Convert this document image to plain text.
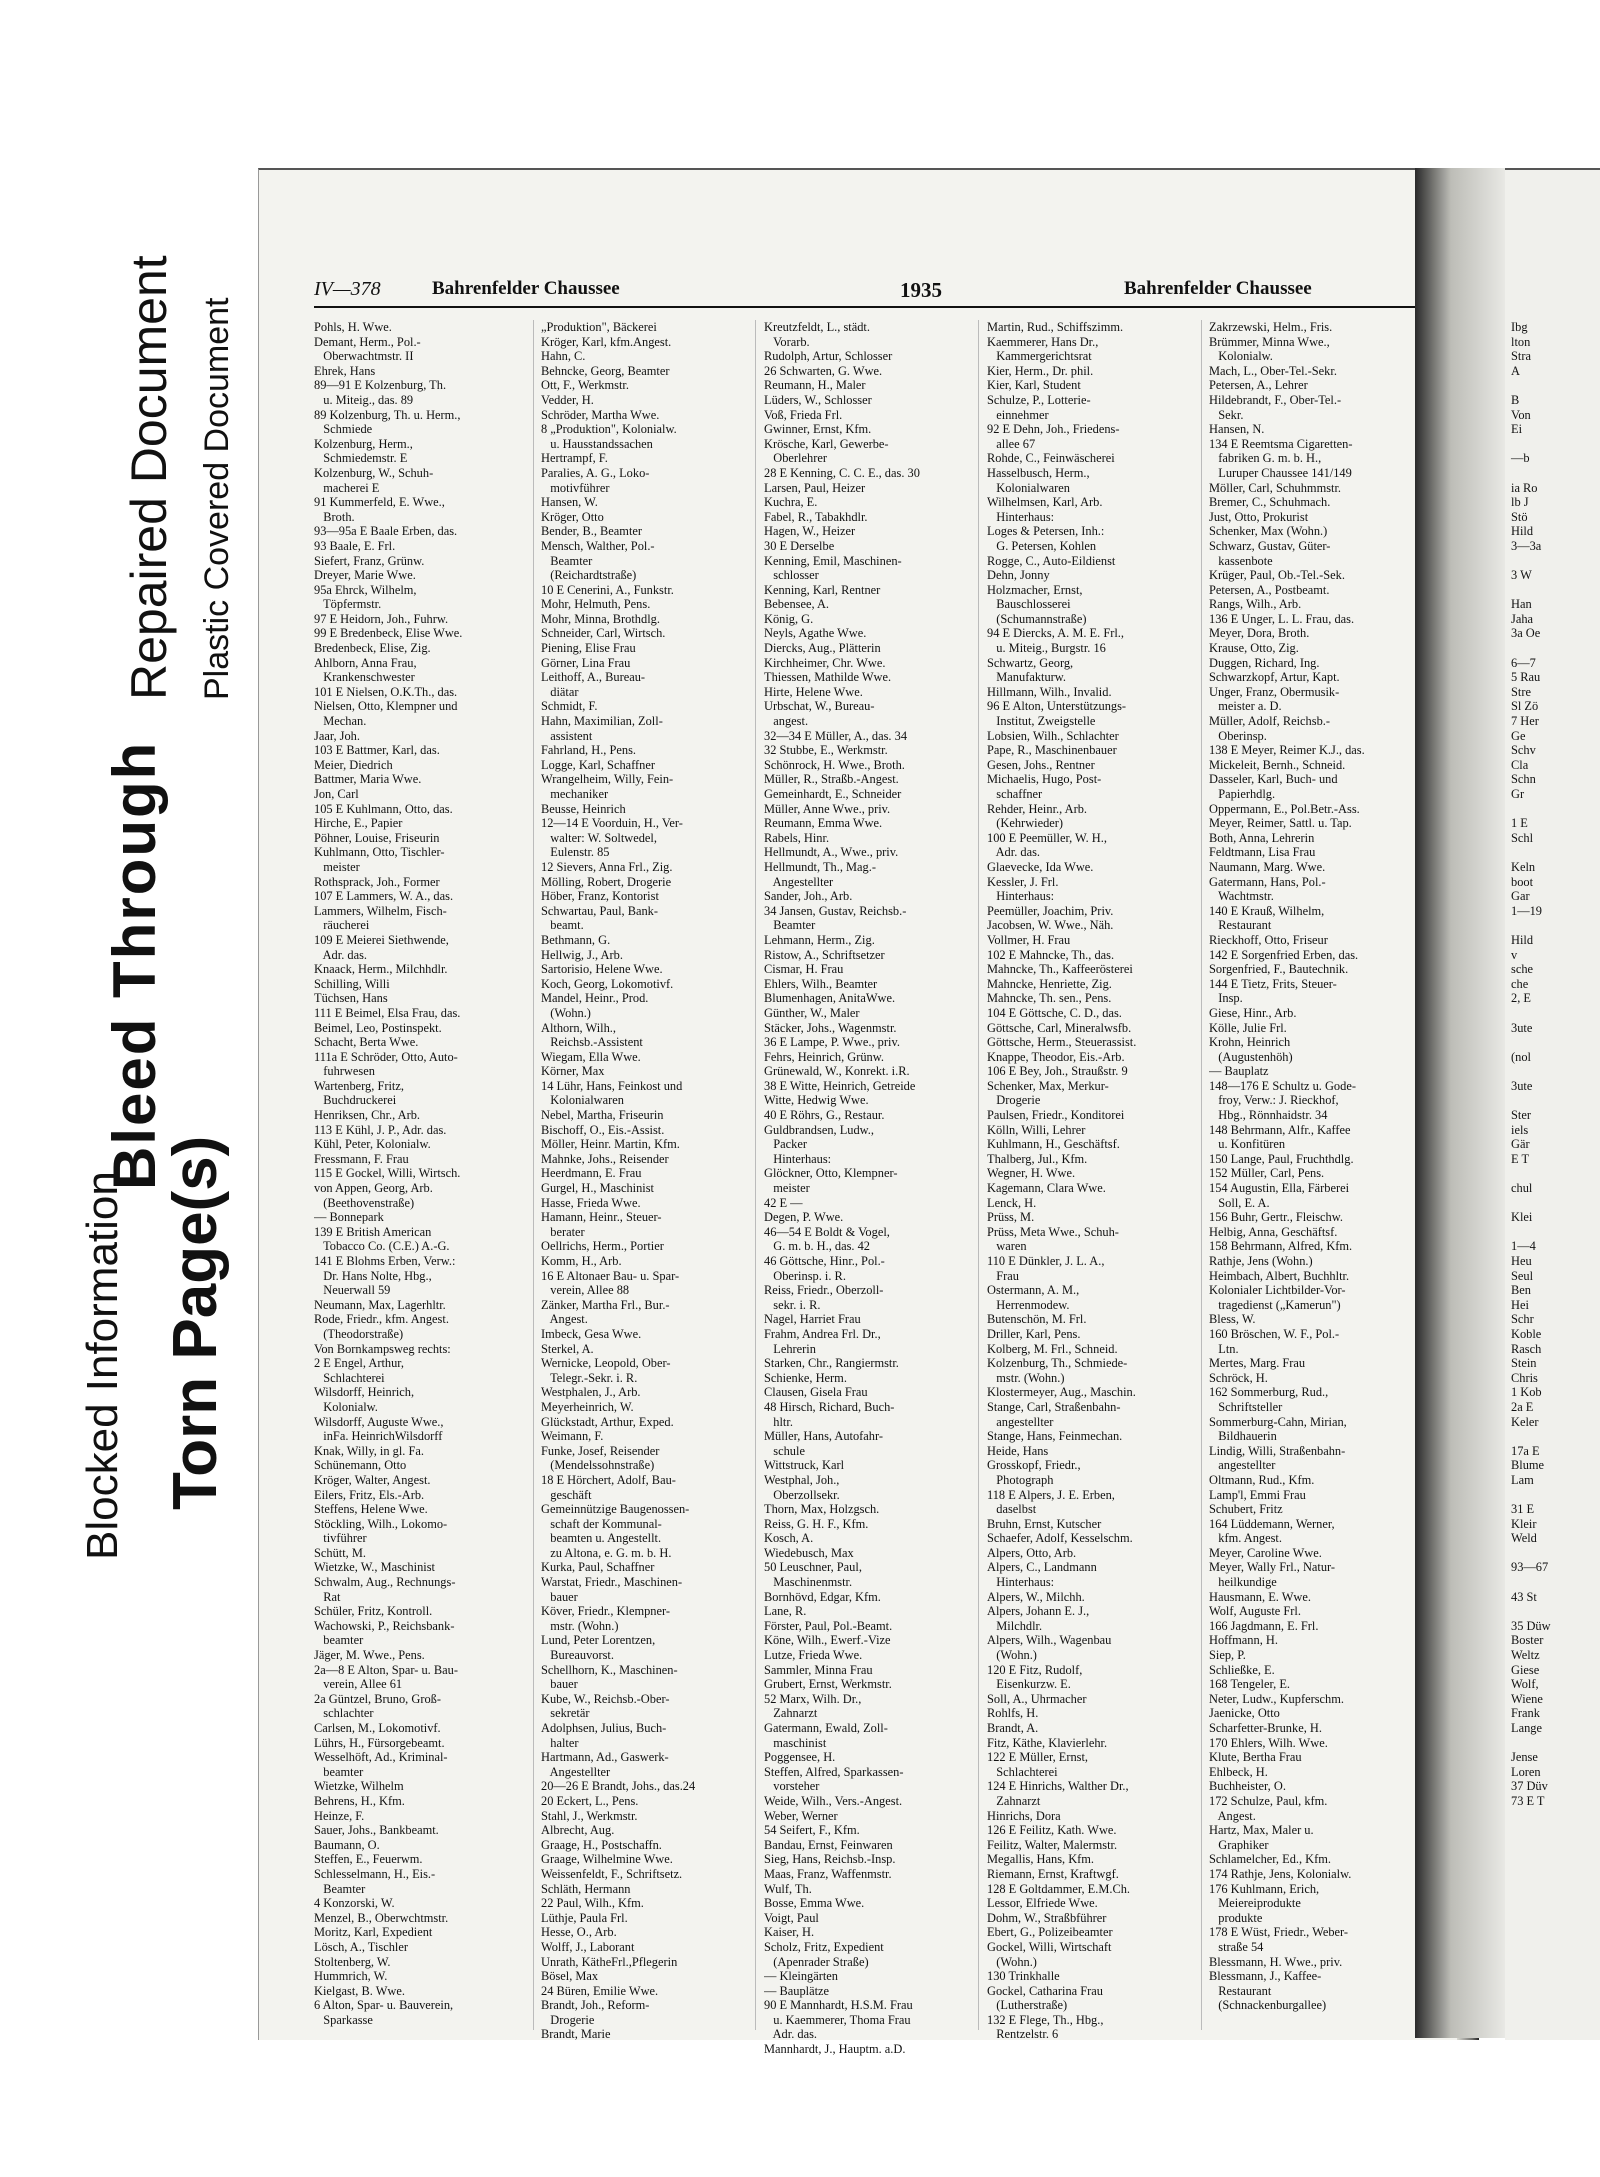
Blocked Information Torn Page(s)
Bleed Through
Repaired Document Plastic Covered Document
IV—378	Bahrenfelder Chaussee	1935	Bahrenfelder Chaussee
Pohls, H. Wwe.
Demant, Herm., Pol.-
Oberwachtmstr. II
Ehrek, Hans
89—91 E Kolzenburg, Th.
u. Miteig., das. 89
89 Kolzenburg, Th. u. Herm.,
Schmiede
Kolzenburg, Herm.,
Schmiedemstr. E
Kolzenburg, W., Schuh-
macherei E
91 Kummerfeld, E. Wwe.,
Broth.
93—95a E Baale Erben, das.
93 Baale, E. Frl.
Siefert, Franz, Grünw.
Dreyer, Marie Wwe.
95a Ehrck, Wilhelm,
Töpfermstr.
97 E Heidorn, Joh., Fuhrw.
99 E Bredenbeck, Elise Wwe.
Bredenbeck, Elise, Zig.
Ahlborn, Anna Frau,
Krankenschwester
101 E Nielsen, O.K.Th., das.
Nielsen, Otto, Klempner und
Mechan.
Jaar, Joh.
103 E Battmer, Karl, das.
Meier, Diedrich
Battmer, Maria Wwe.
Jon, Carl
105 E Kuhlmann, Otto, das.
Hirche, E., Papier
Pöhner, Louise, Friseurin
Kuhlmann, Otto, Tischler-
meister
Rothsprack, Joh., Former
107 E Lammers, W. A., das.
Lammers, Wilhelm, Fisch-
räucherei
109 E Meierei Siethwende,
Adr. das.
Knaack, Herm., Milchhdlr.
Schilling, Willi
Tüchsen, Hans
111 E Beimel, Elsa Frau, das.
Beimel, Leo, Postinspekt.
Schacht, Berta Wwe.
111a E Schröder, Otto, Auto-
fuhrwesen
Wartenberg, Fritz,
Buchdruckerei
Henriksen, Chr., Arb.
113 E Kühl, J. P., Adr. das.
Kühl, Peter, Kolonialw.
Fressmann, F. Frau
115 E Gockel, Willi, Wirtsch.
von Appen, Georg, Arb.
(Beethovenstraße)
— Bonnepark
139 E British American
Tobacco Co. (C.E.) A.-G.
141 E Blohms Erben, Verw.:
Dr. Hans Nolte, Hbg.,
Neuerwall 59
Neumann, Max, Lagerhltr.
Rode, Friedr., kfm. Angest.
(Theodorstraße)
Von Bornkampsweg rechts:
2 E Engel, Arthur,
Schlachterei
Wilsdorff, Heinrich,
Kolonialw.
Wilsdorff, Auguste Wwe.,
inFa. HeinrichWilsdorff
Knak, Willy, in gl. Fa.
Schünemann, Otto
Kröger, Walter, Angest.
Eilers, Fritz, Els.-Arb.
Steffens, Helene Wwe.
Stöckling, Wilh., Lokomo-
tivführer
Schütt, M.
Wietzke, W., Maschinist
Schwalm, Aug., Rechnungs-
Rat
Schüler, Fritz, Kontroll.
Wachowski, P., Reichsbank-
beamter
Jäger, M. Wwe., Pens.
2a—8 E Alton, Spar- u. Bau-
verein, Allee 61
2a Güntzel, Bruno, Groß-
schlachter
Carlsen, M., Lokomotivf.
Lührs, H., Fürsorgebeamt.
Wesselhöft, Ad., Kriminal-
beamter
Wietzke, Wilhelm
Behrens, H., Kfm.
Heinze, F.
Sauer, Johs., Bankbeamt.
Baumann, O.
Steffen, E., Feuerwm.
Schlesselmann, H., Eis.-
Beamter
4 Konzorski, W.
Menzel, B., Oberwchtmstr.
Moritz, Karl, Expedient
Lösch, A., Tischler
Stoltenberg, W.
Hummrich, W.
Kielgast, B. Wwe.
6 Alton, Spar- u. Bauverein,
Sparkasse
„Produktion", Bäckerei
Kröger, Karl, kfm.Angest.
Hahn, C.
Behncke, Georg, Beamter
Ott, F., Werkmstr.
Vedder, H.
Schröder, Martha Wwe.
8 „Produktion", Kolonialw.
u. Hausstandssachen
Hertrampf, F.
Paralies, A. G., Loko-
motivführer
Hansen, W.
Kröger, Otto
Bender, B., Beamter
Mensch, Walther, Pol.-
Beamter
(Reichardtstraße)
10 E Cenerini, A., Funkstr.
Mohr, Helmuth, Pens.
Mohr, Minna, Brothdlg.
Schneider, Carl, Wirtsch.
Piening, Elise Frau
Görner, Lina Frau
Leithoff, A., Bureau-
diätar
Schmidt, F.
Hahn, Maximilian, Zoll-
assistent
Fahrland, H., Pens.
Logge, Karl, Schaffner
Wrangelheim, Willy, Fein-
mechaniker
Beusse, Heinrich
12—14 E Voorduin, H., Ver-
walter: W. Soltwedel,
Eulenstr. 85
12 Sievers, Anna Frl., Zig.
Mölling, Robert, Drogerie
Höber, Franz, Kontorist
Schwartau, Paul, Bank-
beamt.
Bethmann, G.
Hellwig, J., Arb.
Sartorisio, Helene Wwe.
Koch, Georg, Lokomotivf.
Mandel, Heinr., Prod.
(Wohn.)
Althorn, Wilh.,
Reichsb.-Assistent
Wiegam, Ella Wwe.
Körner, Max
14 Lühr, Hans, Feinkost und
Kolonialwaren
Nebel, Martha, Friseurin
Bischoff, O., Eis.-Assist.
Möller, Heinr. Martin, Kfm.
Mahnke, Johs., Reisender
Heerdmann, E. Frau
Gurgel, H., Maschinist
Hasse, Frieda Wwe.
Hamann, Heinr., Steuer-
berater
Oellrichs, Herm., Portier
Komm, H., Arb.
16 E Altonaer Bau- u. Spar-
verein, Allee 88
Zänker, Martha Frl., Bur.-
Angest.
Imbeck, Gesa Wwe.
Sterkel, A.
Wernicke, Leopold, Ober-
Telegr.-Sekr. i. R.
Westphalen, J., Arb.
Meyerheinrich, W.
Glückstadt, Arthur, Exped.
Weimann, F.
Funke, Josef, Reisender
(Mendelssohnstraße)
18 E Hörchert, Adolf, Bau-
geschäft
Gemeinnützige Baugenossen-
schaft der Kommunal-
beamten u. Angestellt.
zu Altona, e. G. m. b. H.
Kurka, Paul, Schaffner
Warstat, Friedr., Maschinen-
bauer
Köver, Friedr., Klempner-
mstr. (Wohn.)
Lund, Peter Lorentzen,
Bureauvorst.
Schellhorn, K., Maschinen-
bauer
Kube, W., Reichsb.-Ober-
sekretär
Adolphsen, Julius, Buch-
halter
Hartmann, Ad., Gaswerk-
Angestellter
20—26 E Brandt, Johs., das.24
20 Eckert, L., Pens.
Stahl, J., Werkmstr.
Albrecht, Aug.
Graage, H., Postschaffn.
Graage, Wilhelmine Wwe.
Weissenfeldt, F., Schriftsetz.
Schläth, Hermann
22 Paul, Wilh., Kfm.
Lüthje, Paula Frl.
Hesse, O., Arb.
Wolff, J., Laborant
Unrath, KätheFrl.,Pflegerin
Bösel, Max
24 Büren, Emilie Wwe.
Brandt, Joh., Reform-
Drogerie
Brandt, Marie
Kreutzfeldt, L., städt.
Vorarb.
Rudolph, Artur, Schlosser
26 Schwarten, G. Wwe.
Reumann, H., Maler
Lüders, W., Schlosser
Voß, Frieda Frl.
Gwinner, Ernst, Kfm.
Krösche, Karl, Gewerbe-
Oberlehrer
28 E Kenning, C. C. E., das. 30
Larsen, Paul, Heizer
Kuchra, E.
Fabel, R., Tabakhdlr.
Hagen, W., Heizer
30 E Derselbe
Kenning, Emil, Maschinen-
schlosser
Kenning, Karl, Rentner
Bebensee, A.
König, G.
Neyls, Agathe Wwe.
Diercks, Aug., Plätterin
Kirchheimer, Chr. Wwe.
Thiessen, Mathilde Wwe.
Hirte, Helene Wwe.
Urbschat, W., Bureau-
angest.
32—34 E Müller, A., das. 34
32 Stubbe, E., Werkmstr.
Schönrock, H. Wwe., Broth.
Müller, R., Straßb.-Angest.
Gemeinhardt, E., Schneider
Müller, Anne Wwe., priv.
Reumann, Emma Wwe.
Rabels, Hinr.
Hellmundt, A., Wwe., priv.
Hellmundt, Th., Mag.-
Angestellter
Sander, Joh., Arb.
34 Jansen, Gustav, Reichsb.-
Beamter
Lehmann, Herm., Zig.
Ristow, A., Schriftsetzer
Cismar, H. Frau
Ehlers, Wilh., Beamter
Blumenhagen, AnitaWwe.
Günther, W., Maler
Stäcker, Johs., Wagenmstr.
36 E Lampe, P. Wwe., priv.
Fehrs, Heinrich, Grünw.
Grünewald, W., Konrekt. i.R.
38 E Witte, Heinrich, Getreide
Witte, Hedwig Wwe.
40 E Röhrs, G., Restaur.
Guldbrandsen, Ludw.,
Packer
Hinterhaus:
Glöckner, Otto, Klempner-
meister
42 E —
Degen, P. Wwe.
46—54 E Boldt & Vogel,
G. m. b. H., das. 42
46 Göttsche, Hinr., Pol.-
Oberinsp. i. R.
Reiss, Friedr., Oberzoll-
sekr. i. R.
Nagel, Harriet Frau
Frahm, Andrea Frl. Dr.,
Lehrerin
Starken, Chr., Rangiermstr.
Schienke, Herm.
Clausen, Gisela Frau
48 Hirsch, Richard, Buch-
hltr.
Müller, Hans, Autofahr-
schule
Wittstruck, Karl
Westphal, Joh.,
Oberzollsekr.
Thorn, Max, Holzgsch.
Reiss, G. H. F., Kfm.
Kosch, A.
Wiedebusch, Max
50 Leuschner, Paul,
Maschinenmstr.
Bornhövd, Edgar, Kfm.
Lane, R.
Förster, Paul, Pol.-Beamt.
Köne, Wilh., Ewerf.-Vize
Lutze, Frieda Wwe.
Sammler, Minna Frau
Grubert, Ernst, Werkmstr.
52 Marx, Wilh. Dr.,
Zahnarzt
Gatermann, Ewald, Zoll-
maschinist
Poggensee, H.
Steffen, Alfred, Sparkassen-
vorsteher
Weide, Wilh., Vers.-Angest.
Weber, Werner
54 Seifert, F., Kfm.
Bandau, Ernst, Feinwaren
Sieg, Hans, Reichsb.-Insp.
Maas, Franz, Waffenmstr.
Wulf, Th.
Bosse, Emma Wwe.
Voigt, Paul
Kaiser, H.
Scholz, Fritz, Expedient
(Apenrader Straße)
— Kleingärten
— Bauplätze
90 E Mannhardt, H.S.M. Frau
u. Kaemmerer, Thoma Frau
Adr. das.
Mannhardt, J., Hauptm. a.D.
Martin, Rud., Schiffszimm.
Kaemmerer, Hans Dr.,
Kammergerichtsrat
Kier, Herm., Dr. phil.
Kier, Karl, Student
Schulze, P., Lotterie-
einnehmer
92 E Dehn, Joh., Friedens-
allee 67
Rohde, C., Feinwäscherei
Hasselbusch, Herm.,
Kolonialwaren
Wilhelmsen, Karl, Arb.
Hinterhaus:
Loges & Petersen, Inh.:
G. Petersen, Kohlen
Rogge, C., Auto-Eildienst
Dehn, Jonny
Holzmacher, Ernst,
Bauschlosserei
(Schumannstraße)
94 E Diercks, A. M. E. Frl.,
u. Miteig., Burgstr. 16
Schwartz, Georg,
Manufakturw.
Hillmann, Wilh., Invalid.
96 E Alton, Unterstützungs-
Institut, Zweigstelle
Lobsien, Wilh., Schlachter
Pape, R., Maschinenbauer
Gesen, Johs., Rentner
Michaelis, Hugo, Post-
schaffner
Rehder, Heinr., Arb.
(Kehrwieder)
100 E Peemüller, W. H.,
Adr. das.
Glaevecke, Ida Wwe.
Kessler, J. Frl.
Hinterhaus:
Peemüller, Joachim, Priv.
Jacobsen, W. Wwe., Näh.
Vollmer, H. Frau
102 E Mahncke, Th., das.
Mahncke, Th., Kaffeerösterei
Mahncke, Henriette, Zig.
Mahncke, Th. sen., Pens.
104 E Göttsche, C. D., das.
Göttsche, Carl, Mineralwsfb.
Göttsche, Herm., Steuerassist.
Knappe, Theodor, Eis.-Arb.
106 E Bey, Joh., Straußstr. 9
Schenker, Max, Merkur-
Drogerie
Paulsen, Friedr., Konditorei
Kölln, Willi, Lehrer
Kuhlmann, H., Geschäftsf.
Thalberg, Jul., Kfm.
Wegner, H. Wwe.
Kagemann, Clara Wwe.
Lenck, H.
Prüss, M.
Prüss, Meta Wwe., Schuh-
waren
110 E Dünkler, J. L. A.,
Frau
Ostermann, A. M.,
Herrenmodew.
Butenschön, M. Frl.
Driller, Karl, Pens.
Kolberg, M. Frl., Schneid.
Kolzenburg, Th., Schmiede-
mstr. (Wohn.)
Klostermeyer, Aug., Maschin.
Stange, Carl, Straßenbahn-
angestellter
Stange, Hans, Feinmechan.
Heide, Hans
Grosskopf, Friedr.,
Photograph
118 E Alpers, J. E. Erben,
daselbst
Bruhn, Ernst, Kutscher
Schaefer, Adolf, Kesselschm.
Alpers, Otto, Arb.
Alpers, C., Landmann
Hinterhaus:
Alpers, W., Milchh.
Alpers, Johann E. J.,
Milchdlr.
Alpers, Wilh., Wagenbau
(Wohn.)
120 E Fitz, Rudolf,
Eisenkurzw. E.
Soll, A., Uhrmacher
Rohlfs, H.
Brandt, A.
Fitz, Käthe, Klavierlehr.
122 E Müller, Ernst,
Schlachterei
124 E Hinrichs, Walther Dr.,
Zahnarzt
Hinrichs, Dora
126 E Feilitz, Kath. Wwe.
Feilitz, Walter, Malermstr.
Megallis, Hans, Kfm.
Riemann, Ernst, Kraftwgf.
128 E Goltdammer, E.M.Ch.
Lessor, Elfriede Wwe.
Dohm, W., Straßbführer
Ebert, G., Polizeibeamter
Gockel, Willi, Wirtschaft
(Wohn.)
130 Trinkhalle
Gockel, Catharina Frau
(Lutherstraße)
132 E Flege, Th., Hbg.,
Rentzelstr. 6
Zakrzewski, Helm., Fris.
Brümmer, Minna Wwe.,
Kolonialw.
Mach, L., Ober-Tel.-Sekr.
Petersen, A., Lehrer
Hildebrandt, F., Ober-Tel.-
Sekr.
Hansen, N.
134 E Reemtsma Cigaretten-
fabriken G. m. b. H.,
Luruper Chaussee 141/149
Möller, Carl, Schuhmmstr.
Bremer, C., Schuhmach.
Just, Otto, Prokurist
Schenker, Max (Wohn.)
Schwarz, Gustav, Güter-
kassenbote
Krüger, Paul, Ob.-Tel.-Sek.
Petersen, A., Postbeamt.
Rangs, Wilh., Arb.
136 E Unger, L. L. Frau, das.
Meyer, Dora, Broth.
Krause, Otto, Zig.
Duggen, Richard, Ing.
Schwarzkopf, Artur, Kapt.
Unger, Franz, Obermusik-
meister a. D.
Müller, Adolf, Reichsb.-
Oberinsp.
138 E Meyer, Reimer K.J., das.
Mickeleit, Bernh., Schneid.
Dasseler, Karl, Buch- und
Papierhdlg.
Oppermann, E., Pol.Betr.-Ass.
Meyer, Reimer, Sattl. u. Tap.
Both, Anna, Lehrerin
Feldtmann, Lisa Frau
Naumann, Marg. Wwe.
Gatermann, Hans, Pol.-
Wachtmstr.
140 E Krauß, Wilhelm,
Restaurant
Rieckhoff, Otto, Friseur
142 E Sorgenfried Erben, das.
Sorgenfried, F., Bautechnik.
144 E Tietz, Frits, Steuer-
Insp.
Giese, Hinr., Arb.
Kölle, Julie Frl.
Krohn, Heinrich
(Augustenhöh)
— Bauplatz
148—176 E Schultz u. Gode-
froy, Verw.: J. Rieckhof,
Hbg., Rönnhaidstr. 34
148 Behrmann, Alfr., Kaffee
u. Konfitüren
150 Lange, Paul, Fruchthdlg.
152 Müller, Carl, Pens.
154 Augustin, Ella, Färberei
Soll, E. A.
156 Buhr, Gertr., Fleischw.
Helbig, Anna, Geschäftsf.
158 Behrmann, Alfred, Kfm.
Rathje, Jens (Wohn.)
Heimbach, Albert, Buchhltr.
Kolonialer Lichtbilder-Vor-
tragedienst („Kamerun")
Bless, W.
160 Bröschen, W. F., Pol.-
Ltn.
Mertes, Marg. Frau
Schröck, H.
162 Sommerburg, Rud.,
Schriftsteller
Sommerburg-Cahn, Mirian,
Bildhauerin
Lindig, Willi, Straßenbahn-
angestellter
Oltmann, Rud., Kfm.
Lamp'l, Emmi Frau
Schubert, Fritz
164 Lüddemann, Werner,
kfm. Angest.
Meyer, Caroline Wwe.
Meyer, Wally Frl., Natur-
heilkundige
Hausmann, E. Wwe.
Wolf, Auguste Frl.
166 Jagdmann, E. Frl.
Hoffmann, H.
Siep, P.
Schließke, E.
168 Tengeler, E.
Neter, Ludw., Kupferschm.
Jaenicke, Otto
Scharfetter-Brunke, H.
170 Ehlers, Wilh. Wwe.
Klute, Bertha Frau
Ehlbeck, H.
Buchheister, O.
172 Schulze, Paul, kfm.
Angest.
Hartz, Max, Maler u.
Graphiker
Schlamelcher, Ed., Kfm.
174 Rathje, Jens, Kolonialw.
176 Kuhlmann, Erich,
Meiereiprodukte
produkte
178 E Wüst, Friedr., Weber-
straße 54
Blessmann, H. Wwe., priv.
Blessmann, J., Kaffee-
Restaurant
(Schnackenburgallee)
Ibg
lton
Stra
A

B
Von
Ei

—b

ia Ro
lb J
Stö
Hild
3—3a

3 W

Han
Jaha
3a Oe

6—7
5 Rau
Stre
Sl Zö
7 Her
Ge
Schv
Cla
Schn
Gr

1 E
Schl

Keln
boot
Gar
1—19

Hild
v
sche
che
2, E

3ute

(nol

3ute

Ster
iels
Gär
E T

chul

Klei

1—4
Heu
Seul
Ben
Hei
Schr
Koble
Rasch
Stein
Chris
1 Kob
2a E
Keler

17a E
Blume
Lam

31 E
Kleir
Weld

93—67

43 St

35 Düw
Boster
Weltz
Giese
Wolf,
Wiene
Frank
Lange

Jense
Loren
37 Düv
73 E T
